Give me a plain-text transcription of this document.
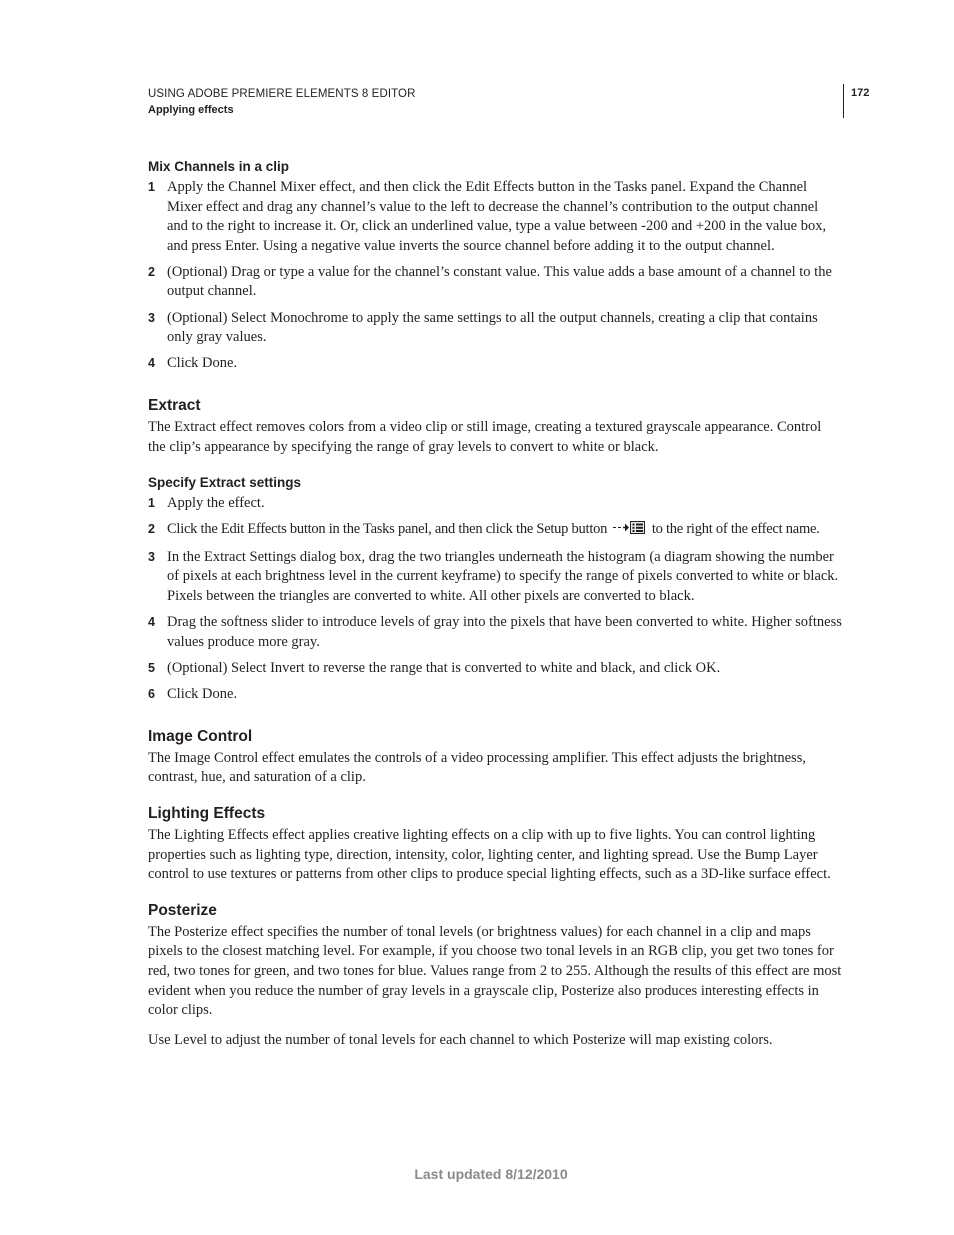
USING ADOBE PREMIERE ELEMENTS 8 EDITOR
Applying effects
172
Mix Channels in a clip
1 Apply the Channel Mixer effect, and then click the Edit Effects button in the Tasks panel. Expand the Channel Mixer effect and drag any channel’s value to the left to decrease the channel’s contribution to the output channel and to the right to increase it. Or, click an underlined value, type a value between -200 and +200 in the value box, and press Enter. Using a negative value inverts the source channel before adding it to the output channel.
2 (Optional) Drag or type a value for the channel’s constant value. This value adds a base amount of a channel to the output channel.
3 (Optional) Select Monochrome to apply the same settings to all the output channels, creating a clip that contains only gray values.
4 Click Done.
Extract

The Extract effect removes colors from a video clip or still image, creating a textured grayscale appearance. Control the clip’s appearance by specifying the range of gray levels to convert to white or black.

Specify Extract settings
1 Apply the effect.
2 Click the Edit Effects button in the Tasks panel, and then click the Setup button	to the right of the effect name.
3 In the Extract Settings dialog box, drag the two triangles underneath the histogram (a diagram showing the number of pixels at each brightness level in the current keyframe) to specify the range of pixels converted to white or black. Pixels between the triangles are converted to white. All other pixels are converted to black.
4 Drag the softness slider to introduce levels of gray into the pixels that have been converted to white. Higher softness values produce more gray.
5 (Optional) Select Invert to reverse the range that is converted to white and black, and click OK.
6 Click Done.
Image Control

The Image Control effect emulates the controls of a video processing amplifier. This effect adjusts the brightness, contrast, hue, and saturation of a clip.

Lighting Effects

The Lighting Effects effect applies creative lighting effects on a clip with up to five lights. You can control lighting properties such as lighting type, direction, intensity, color, lighting center, and lighting spread. Use the Bump Layer control to use textures or patterns from other clips to produce special lighting effects, such as a 3D-like surface effect.

Posterize

The Posterize effect specifies the number of tonal levels (or brightness values) for each channel in a clip and maps pixels to the closest matching level. For example, if you choose two tonal levels in an RGB clip, you get two tones for red, two tones for green, and two tones for blue. Values range from 2 to 255. Although the results of this effect are most evident when you reduce the number of gray levels in a grayscale clip, Posterize also produces interesting effects in color clips.

Use Level to adjust the number of tonal levels for each channel to which Posterize will map existing colors.

Last updated 8/12/2010
